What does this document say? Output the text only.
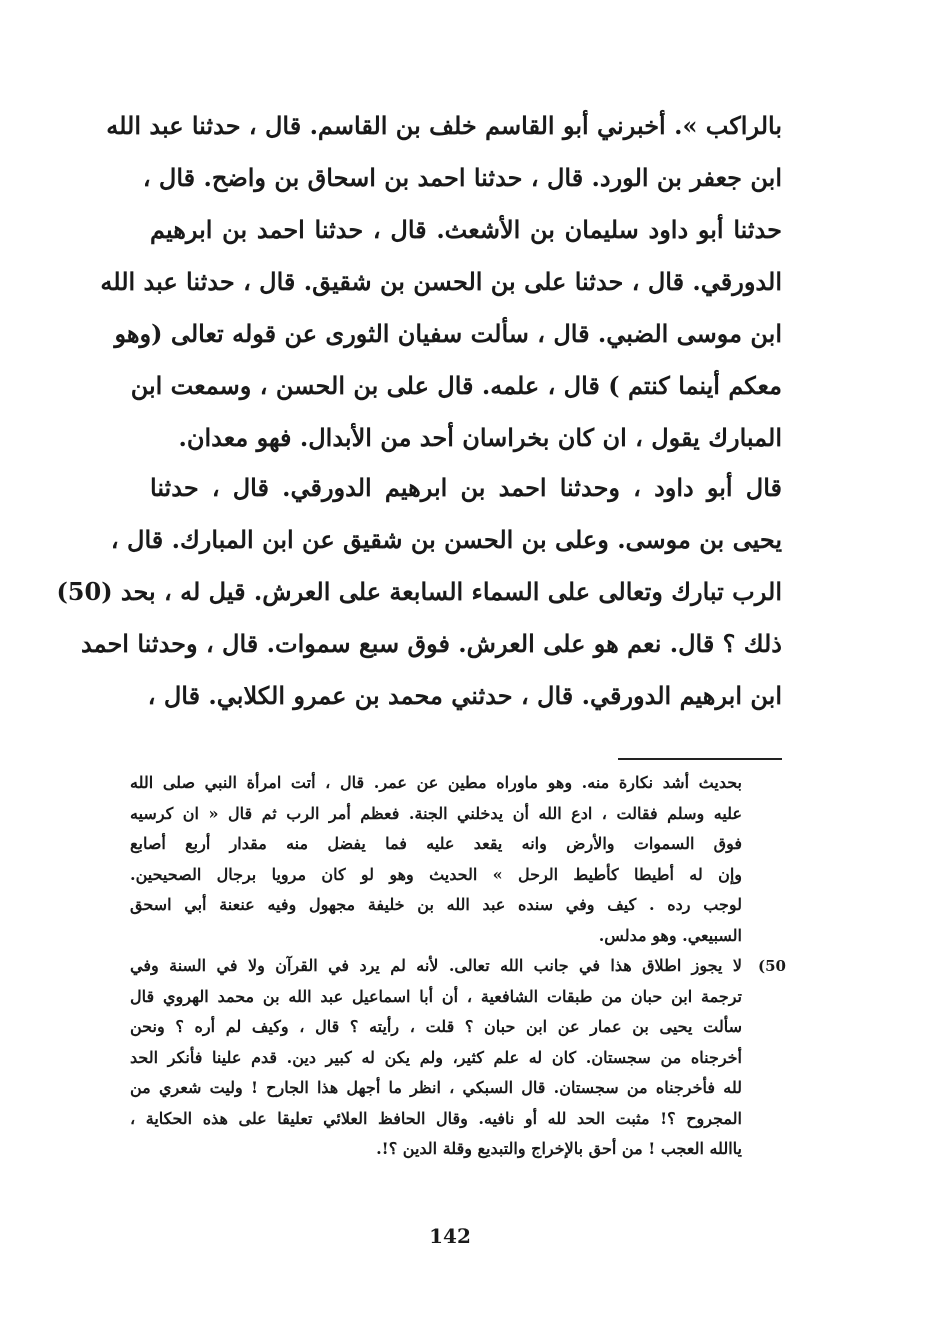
بالراكب ». أخبرني أبو القاسم خلف بن القاسم. قال ، حدثنا عبد الله
ابن جعفر بن الورد. قال ، حدثنا احمد بن اسحاق بن واضح. قال ،
حدثنا أبو داود سليمان بن الأشعث. قال ، حدثنا احمد بن ابرهيم
الدورقي. قال ، حدثنا على بن الحسن بن شقيق. قال ، حدثنا عبد الله
ابن موسى الضبي. قال ، سألت سفيان الثورى عن قوله تعالى (وهو
معكم أينما كنتم ) قال ، علمه. قال على بن الحسن ، وسمعت ابن
المبارك يقول ، ان كان بخراسان أحد من الأبدال. فهو معدان.
قال أبو داود ، وحدثنا احمد بن ابرهيم الدورقي. قال ، حدثنا
يحيى بن موسى. وعلى بن الحسن بن شقيق عن ابن المبارك. قال ،
الرب تبارك وتعالى على السماء السابعة على العرش. قيل له ، بحد (50)
ذلك ؟ قال. نعم هو على العرش. فوق سبع سموات. قال ، وحدثنا احمد
ابن ابرهيم الدورقي. قال ، حدثني محمد بن عمرو الكلابي. قال ،
بحديث أشد نكارة منه. وهو ماوراه مطين عن عمر. قال ، أتت امرأة النبي صلى الله
عليه وسلم فقالت ، ادع الله أن يدخلني الجنة. فعظم أمر الرب ثم قال « ان كرسيه
فوق السموات والأرض وانه يقعد عليه فما يفضل منه مقدار أربع أصابع
وإن له أطيطا كأطيط الرحل » الحديث وهو لو كان مرويا برجال الصحيحين.
لوجب رده . كيف وفي سنده عبد الله بن خليفة مجهول وفيه عنعنة أبي اسحق
السبيعي. وهو مدلس.
لا يجوز اطلاق هذا في جانب الله تعالى. لأنه لم يرد في القرآن ولا في السنة وفي (50
ترجمة ابن حبان من طبقات الشافعية ، أن أبا اسماعيل عبد الله بن محمد الهروي قال
سألت يحيى بن عمار عن ابن حبان ؟ قلت ، رأيته ؟ قال ، وكيف لم أره ؟ ونحن
أخرجناه من سجستان. كان له علم كثير، ولم يكن له كبير دين. قدم علينا فأنكر الحد
لله فأخرجناه من سجستان. قال السبكي ، انظر ما أجهل هذا الجارح ! وليت شعري من
المجروح ؟! مثبت الحد لله أو نافيه. وقال الحافظ العلائي تعليقا على هذه الحكاية ،
ياالله العجب ! من أحق بالإخراج والتبديع وقلة الدين ؟!.
142
